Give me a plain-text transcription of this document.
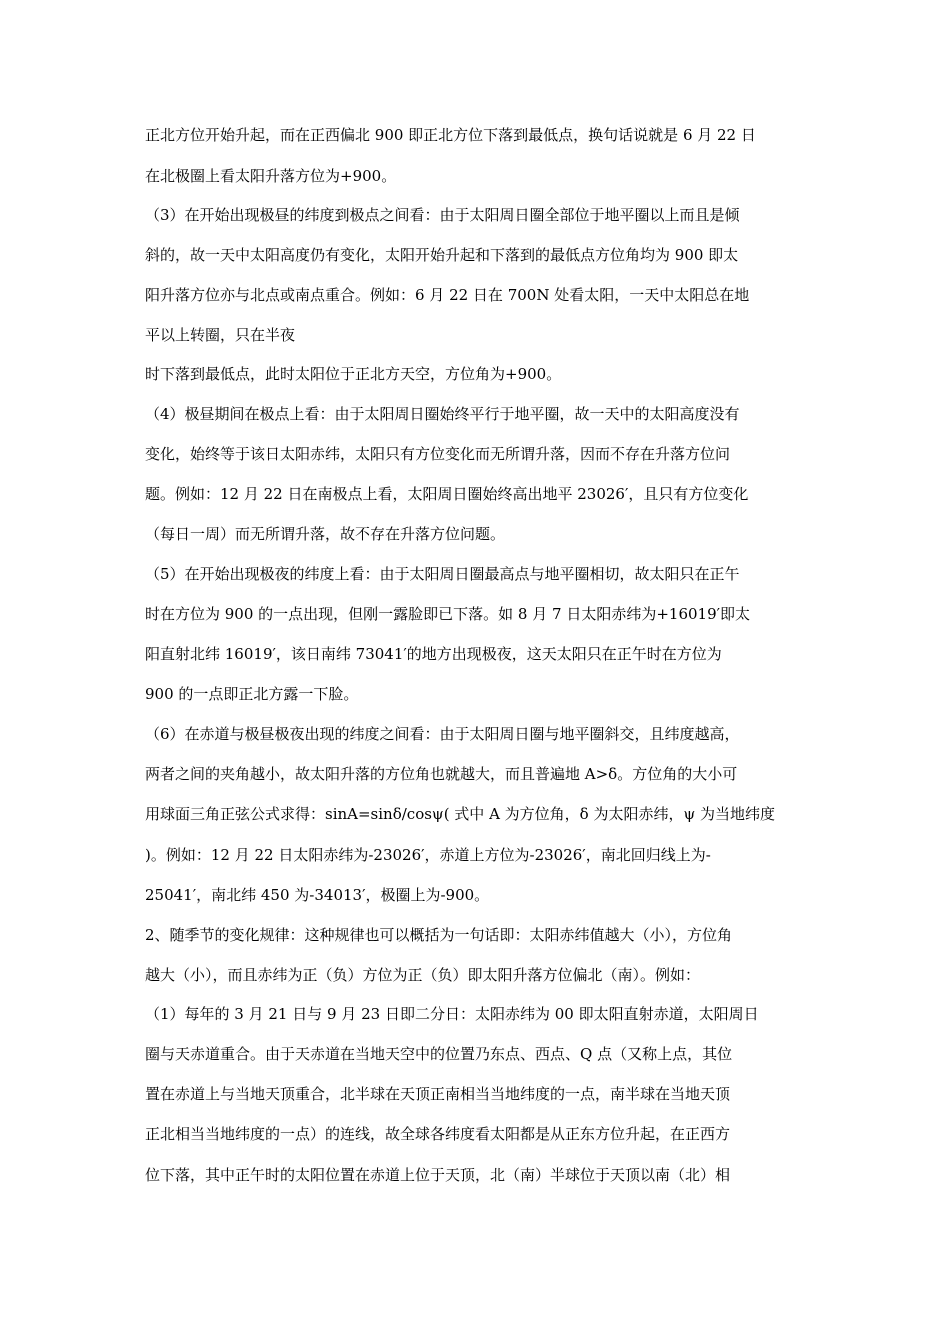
正北方位开始升起，而在正西偏北 900 即正北方位下落到最低点，换句话说就是 6 月 22 日
在北极圈上看太阳升落方位为+900。
（3）在开始出现极昼的纬度到极点之间看：由于太阳周日圈全部位于地平圈以上而且是倾
斜的，故一天中太阳高度仍有变化，太阳开始升起和下落到的最低点方位角均为 900 即太
阳升落方位亦与北点或南点重合。例如：6 月 22 日在 700N 处看太阳，一天中太阳总在地
平以上转圈，只在半夜
时下落到最低点，此时太阳位于正北方天空，方位角为+900。
（4）极昼期间在极点上看：由于太阳周日圈始终平行于地平圈，故一天中的太阳高度没有
变化，始终等于该日太阳赤纬，太阳只有方位变化而无所谓升落，因而不存在升落方位问
题。例如：12 月 22 日在南极点上看，太阳周日圈始终高出地平 23026′，且只有方位变化
（每日一周）而无所谓升落，故不存在升落方位问题。
（5）在开始出现极夜的纬度上看：由于太阳周日圈最高点与地平圈相切，故太阳只在正午
时在方位为 900 的一点出现，但刚一露脸即已下落。如 8 月 7 日太阳赤纬为+16019′即太
阳直射北纬 16019′，该日南纬 73041′的地方出现极夜，这天太阳只在正午时在方位为
900 的一点即正北方露一下脸。
（6）在赤道与极昼极夜出现的纬度之间看：由于太阳周日圈与地平圈斜交，且纬度越高，
两者之间的夹角越小，故太阳升落的方位角也就越大，而且普遍地 A>δ。方位角的大小可
用球面三角正弦公式求得：sinA=sinδ/cosψ( 式中 A 为方位角，δ 为太阳赤纬，ψ 为当地纬度
)。例如：12 月 22 日太阳赤纬为-23026′，赤道上方位为-23026′，南北回归线上为-
25041′，南北纬 450 为-34013′，极圈上为-900。
2、随季节的变化规律：这种规律也可以概括为一句话即：太阳赤纬值越大（小），方位角
越大（小），而且赤纬为正（负）方位为正（负）即太阳升落方位偏北（南）。例如：
（1）每年的 3 月 21 日与 9 月 23 日即二分日：太阳赤纬为 00 即太阳直射赤道，太阳周日
圈与天赤道重合。由于天赤道在当地天空中的位置乃东点、西点、Q 点（又称上点，其位
置在赤道上与当地天顶重合，北半球在天顶正南相当当地纬度的一点，南半球在当地天顶
正北相当当地纬度的一点）的连线，故全球各纬度看太阳都是从正东方位升起，在正西方
位下落，其中正午时的太阳位置在赤道上位于天顶，北（南）半球位于天顶以南（北）相
